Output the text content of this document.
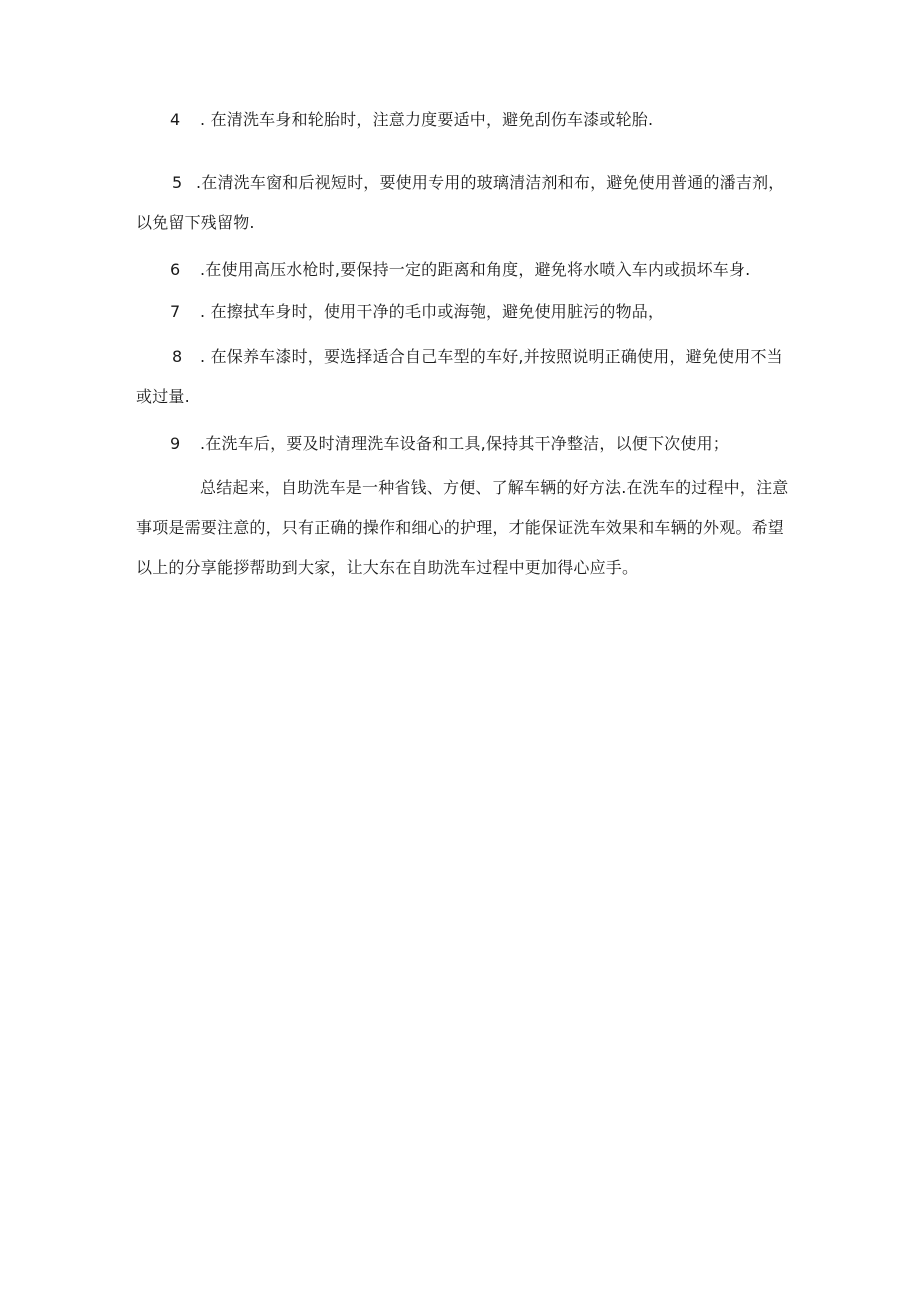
4 . 在清洗车身和轮胎时，注意力度要适中，避免刮伤车漆或轮胎.
5 .在清洗车窗和后视短时，要使用专用的玻璃清洁剂和布，避免使用普通的潘吉剂，以免留下残留物.
6 .在使用高压水枪时,要保持一定的距离和角度，避免将水喷入车内或损坏车身.
7 . 在擦拭车身时，使用干净的毛巾或海匏，避免使用脏污的物品，
8 . 在保养车漆时，要选择适合自己车型的车好,并按照说明正确使用，避免使用不当或过量.
9 .在洗车后，要及时清理洗车设备和工具,保持其干净整洁，以便下次使用；
总结起来，自助洗车是一种省钱、方便、了解车辆的好方法.在洗车的过程中，注意事项是需要注意的，只有正确的操作和细心的护理，才能保证洗车效果和车辆的外观。希望以上的分享能拶帮助到大家，让大东在自助洗车过程中更加得心应手。
